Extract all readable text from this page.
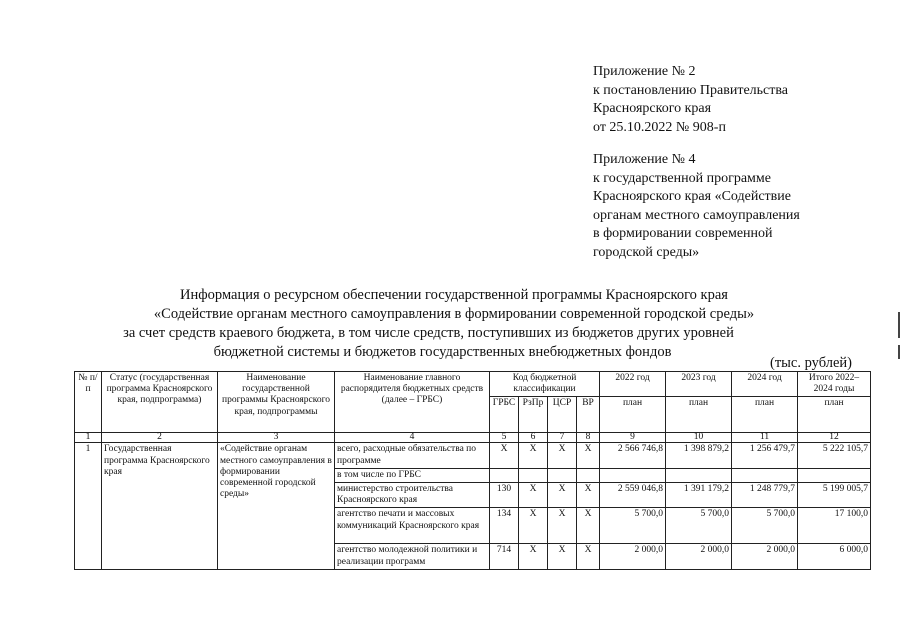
Приложение № 2
к постановлению Правительства
Красноярского края
от 25.10.2022 № 908-п
Приложение № 4
к государственной программе
Красноярского края «Содействие
органам местного самоуправления
в формировании современной
городской среды»
Информация о ресурсном обеспечении государственной программы Красноярского края
«Содействие органам местного самоуправления в формировании современной городской среды»
за счет средств краевого бюджета, в том числе средств, поступивших из бюджетов других уровней
бюджетной системы и бюджетов государственных внебюджетных фондов
(тыс. рублей)
№ п/п	Статус (государственная программа Красноярского края, подпрограмма)	Наименование государственной программы Красноярского края, подпрограммы	Наименование главного распорядителя бюджетных средств (далее – ГРБС)	Код бюджетной классификации				2022 год	2023 год	2024 год	Итого 2022–2024 годы
				ГРБС	РзПр	ЦСР	ВР	план	план	план	план
1	2	3	4	5	6	7	8	9	10	11	12
1	Государственная программа Красноярского края	«Содействие органам местного самоуправления в формировании современной городской среды»	всего, расходные обязательства по программе	X	X	X	X	2 566 746,8	1 398 879,2	1 256 479,7	5 222 105,7
			в том числе по ГРБС								
			министерство строительства Красноярского края	130	X	X	X	2 559 046,8	1 391 179,2	1 248 779,7	5 199 005,7
			агентство печати и массовых коммуникаций Красноярского края	134	X	X	X	5 700,0	5 700,0	5 700,0	17 100,0
			агентство молодежной политики и реализации программ	714	X	X	X	2 000,0	2 000,0	2 000,0	6 000,0
